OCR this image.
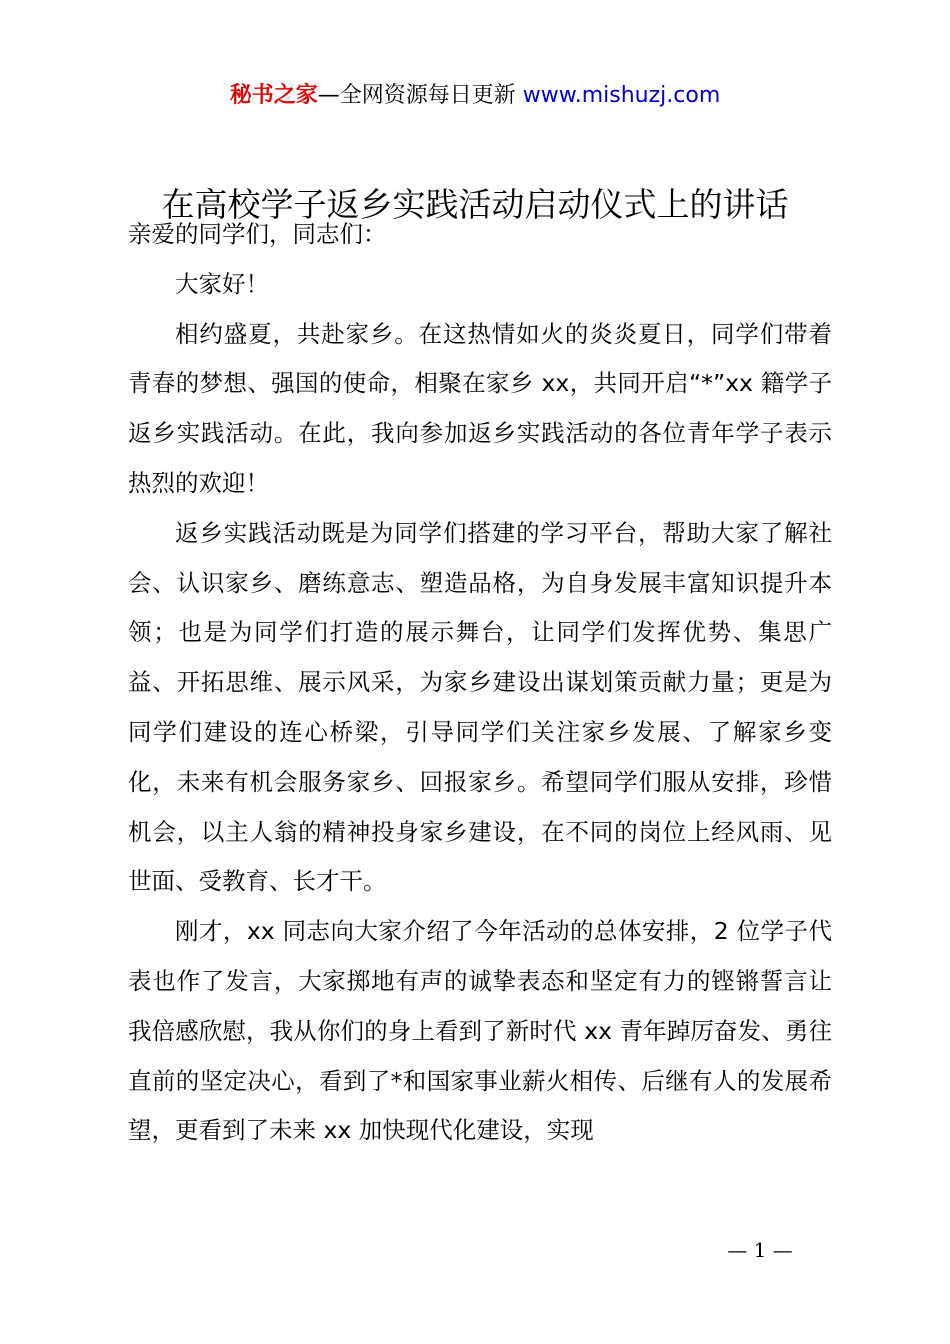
秘书之家—全网资源每日更新 www.mishuzj.com
在高校学子返乡实践活动启动仪式上的讲话

亲爱的同学们，同志们：

大家好！

相约盛夏，共赴家乡。在这热情如火的炎炎夏日，同学们带着青春的梦想、强国的使命，相聚在家乡 xx，共同开启“*”xx 籍学子返乡实践活动。在此，我向参加返乡实践活动的各位青年学子表示热烈的欢迎！

返乡实践活动既是为同学们搭建的学习平台，帮助大家了解社会、认识家乡、磨练意志、塑造品格，为自身发展丰富知识提升本领；也是为同学们打造的展示舞台，让同学们发挥优势、集思广益、开拓思维、展示风采，为家乡建设出谋划策贡献力量；更是为同学们建设的连心桥梁，引导同学们关注家乡发展、了解家乡变化，未来有机会服务家乡、回报家乡。希望同学们服从安排，珍惜机会，以主人翁的精神投身家乡建设，在不同的岗位上经风雨、见世面、受教育、长才干。

刚才，xx 同志向大家介绍了今年活动的总体安排，2 位学子代表也作了发言，大家掷地有声的诚挚表态和坚定有力的铿锵誓言让我倍感欣慰，我从你们的身上看到了新时代 xx 青年踔厉奋发、勇往直前的坚定决心，看到了*和国家事业薪火相传、后继有人的发展希望，更看到了未来 xx 加快现代化建设，实现

— 1 —
